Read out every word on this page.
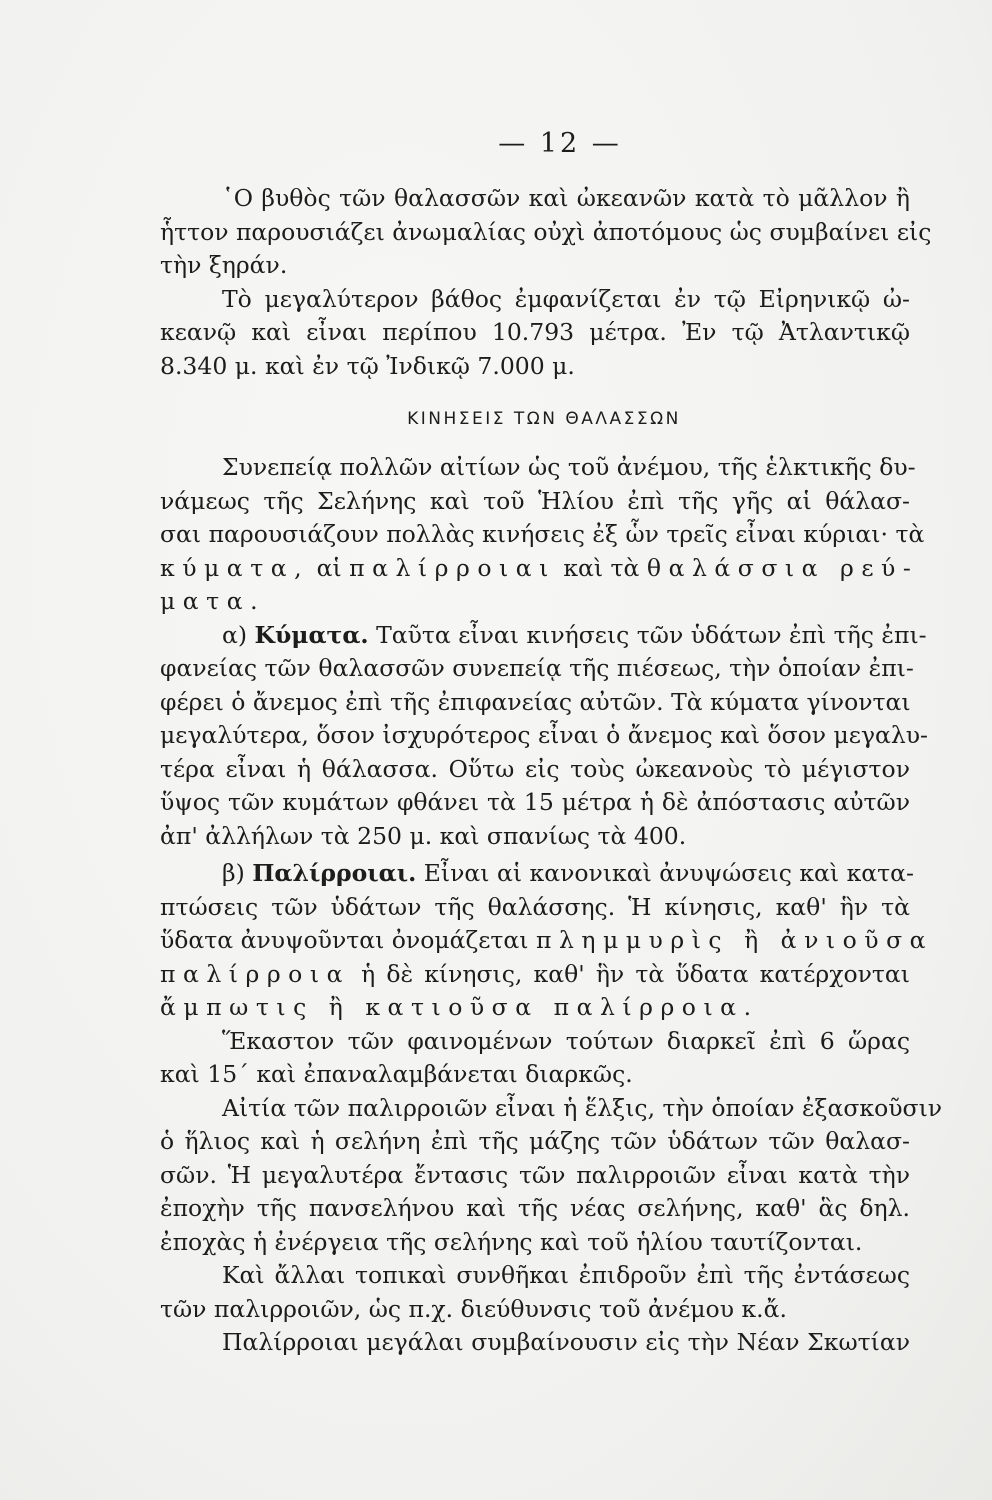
— 12 —
῾Ο βυθὸς τῶν θαλασσῶν καὶ ὠκεανῶν κατὰ τὸ μᾶλλον ἢ
ἧττον παρουσιάζει ἀνωμαλίας οὐχὶ ἀποτόμους ὡς συμβαίνει εἰς
τὴν ξηράν.
Τὸ μεγαλύτερον βάθος ἐμφανίζεται ἐν τῷ Εἰρηνικῷ ὠ-
κεανῷ καὶ εἶναι περίπου 10.793 μέτρα. Ἐν τῷ Ἀτλαντικῷ
8.340 μ. καὶ ἐν τῷ Ἰνδικῷ 7.000 μ.
ΚΙΝΗΣΕΙΣ ΤΩΝ ΘΑΛΑΣΣΩΝ
Συνεπείᾳ πολλῶν αἰτίων ὡς τοῦ ἀνέμου, τῆς ἑλκτικῆς δυ-
νάμεως τῆς Σελήνης καὶ τοῦ Ἡλίου ἐπὶ τῆς γῆς αἱ θάλασ-
σαι παρουσιάζουν πολλὰς κινήσεις ἐξ ὧν τρεῖς εἶναι κύριαι· τὰ
κύματα, αἱ παλίρροιαι καὶ τὰ θαλάσσια ρεύ-
ματα.
α) Κύματα. Ταῦτα εἶναι κινήσεις τῶν ὑδάτων ἐπὶ τῆς ἐπι-
φανείας τῶν θαλασσῶν συνεπείᾳ τῆς πιέσεως, τὴν ὁποίαν ἐπι-
φέρει ὁ ἄνεμος ἐπὶ τῆς ἐπιφανείας αὐτῶν. Τὰ κύματα γίνονται
μεγαλύτερα, ὅσον ἰσχυρότερος εἶναι ὁ ἄνεμος καὶ ὅσον μεγαλυ-
τέρα εἶναι ἡ θάλασσα. Οὕτω εἰς τοὺς ὠκεανοὺς τὸ μέγιστον
ὕψος τῶν κυμάτων φθάνει τὰ 15 μέτρα ἡ δὲ ἀπόστασις αὐτῶν
ἀπ' ἀλλήλων τὰ 250 μ. καὶ σπανίως τὰ 400.
β) Παλίρροιαι. Εἶναι αἱ κανονικαὶ ἀνυψώσεις καὶ κατα-
πτώσεις τῶν ὑδάτων τῆς θαλάσσης. Ἡ κίνησις, καθ' ἣν τὰ
ὕδατα ἀνυψοῦνται ὀνομάζεται πλημμυρὶς ἢ ἀνιοῦσα
παλίρροια ἡ δὲ κίνησις, καθ' ἣν τὰ ὕδατα κατέρχονται
ἄμπωτις ἢ κατιοῦσα παλίρροια.
Ἕκαστον τῶν φαινομένων τούτων διαρκεῖ ἐπὶ 6 ὥρας
καὶ 15΄ καὶ ἐπαναλαμβάνεται διαρκῶς.
Αἰτία τῶν παλιρροιῶν εἶναι ἡ ἕλξις, τὴν ὁποίαν ἐξασκοῦσιν
ὁ ἥλιος καὶ ἡ σελήνη ἐπὶ τῆς μάζης τῶν ὑδάτων τῶν θαλασ-
σῶν. Ἡ μεγαλυτέρα ἔντασις τῶν παλιρροιῶν εἶναι κατὰ τὴν
ἐποχὴν τῆς πανσελήνου καὶ τῆς νέας σελήνης, καθ' ἃς δηλ.
ἐποχὰς ἡ ἐνέργεια τῆς σελήνης καὶ τοῦ ἡλίου ταυτίζονται.
Καὶ ἄλλαι τοπικαὶ συνθῆκαι ἐπιδροῦν ἐπὶ τῆς ἐντάσεως
τῶν παλιρροιῶν, ὡς π.χ. διεύθυνσις τοῦ ἀνέμου κ.ἄ.
Παλίρροιαι μεγάλαι συμβαίνουσιν εἰς τὴν Νέαν Σκωτίαν
